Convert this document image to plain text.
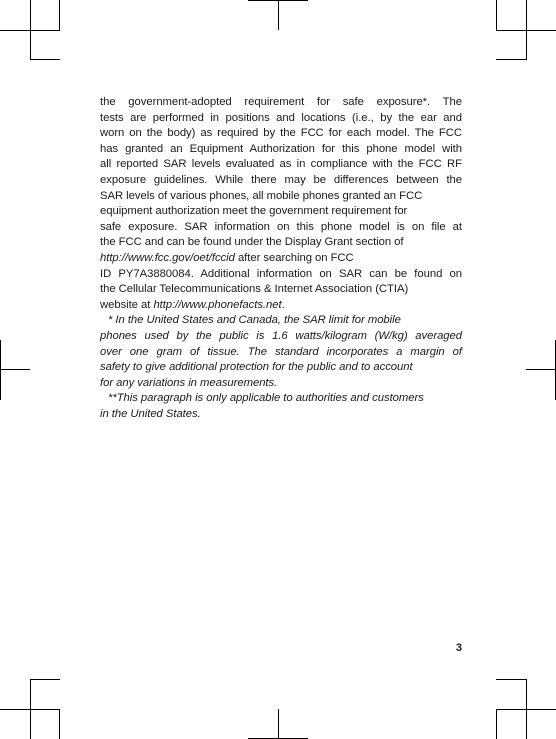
the government-adopted requirement for safe exposure*. The
tests are performed in positions and locations (i.e., by the ear and
worn on the body) as required by the FCC for each model. The FCC
has granted an Equipment Authorization for this phone model with
all reported SAR levels evaluated as in compliance with the FCC RF
exposure guidelines. While there may be differences between the
SAR levels of various phones, all mobile phones granted an FCC
equipment authorization meet the government requirement for
safe exposure. SAR information on this phone model is on file at
the FCC and can be found under the Display Grant section of
http://www.fcc.gov/oet/fccid after searching on FCC
ID PY7A3880084. Additional information on SAR can be found on
the Cellular Telecommunications & Internet Association (CTIA)
website at http://www.phonefacts.net.

* In the United States and Canada, the SAR limit for mobile
phones used by the public is 1.6 watts/kilogram (W/kg) averaged
over one gram of tissue. The standard incorporates a margin of
safety to give additional protection for the public and to account
for any variations in measurements.

**This paragraph is only applicable to authorities and customers
in the United States.

3
